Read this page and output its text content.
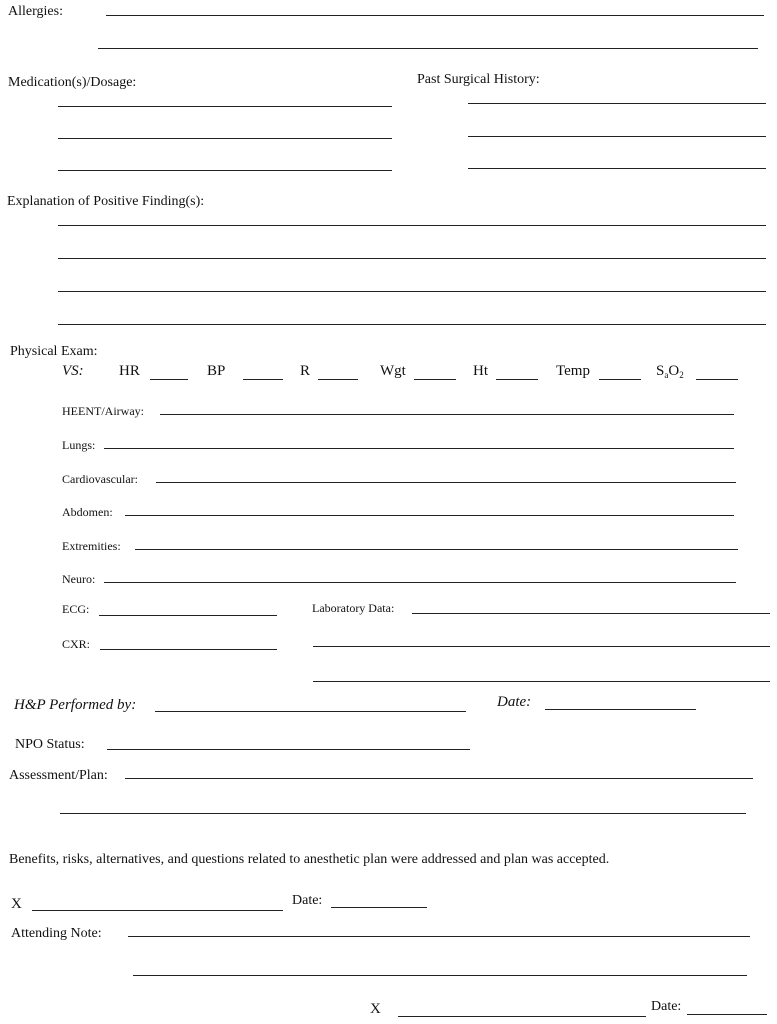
Allergies:
Medication(s)/Dosage:	Past Surgical History:
Explanation of Positive Finding(s):
Physical Exam:
VS: HR	BP	R	Wgt	Ht	Temp	$S_aO_2$
HEENT/Airway:
Lungs:
Cardiovascular:
Abdomen:
Extremities:
Neuro:
ECG:	Laboratory Data:
CXR:
H&P Performed by:	Date:
NPO Status:
Assessment/Plan:
Benefits, risks, alternatives, and questions related to anesthetic plan were addressed and plan was accepted.
X	Date:
Attending Note:
X	Date:
